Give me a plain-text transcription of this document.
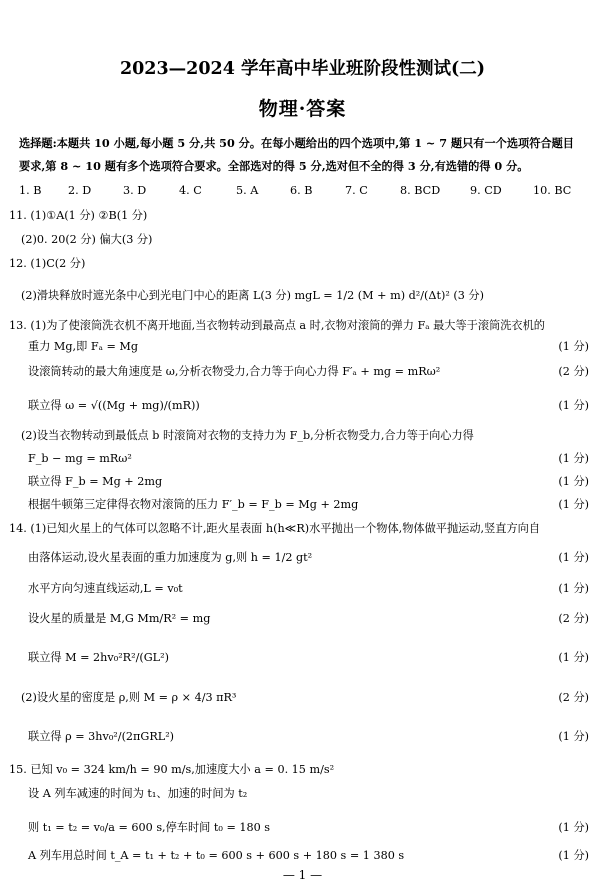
2023—2024 学年高中毕业班阶段性测试(二)
物理·答案
选择题:本题共 10 小题,每小题 5 分,共 50 分。在每小题给出的四个选项中,第 1 ~ 7 题只有一个选项符合题目
要求,第 8 ~ 10 题有多个选项符合要求。全部选对的得 5 分,选对但不全的得 3 分,有选错的得 0 分。
1. B 2. D	3. D	4. C	5. A	6. B	7. C	8. BCD	9. CD	10. BC
11. (1)①A(1 分) ②B(1 分)
(2)0. 20(2 分) 偏大(3 分)
12. (1)C(2 分)
(2)滑块释放时遮光条中心到光电门中心的距离 L(3 分) mgL = 1/2 (M + m) d²/(Δt)² (3 分)
13. (1)为了使滚筒洗衣机不离开地面,当衣物转动到最高点 a 时,衣物对滚筒的弹力 Fₐ 最大等于滚筒洗衣机的
重力 Mg,即 Fₐ = Mg	(1 分)
设滚筒转动的最大角速度是 ω,分析衣物受力,合力等于向心力得 F′ₐ + mg = mRω²	(2 分)
联立得 ω = √((Mg + mg)/(mR))	(1 分)
(2)设当衣物转动到最低点 b 时滚筒对衣物的支持力为 F_b,分析衣物受力,合力等于向心力得
F_b − mg = mRω²	(1 分)
联立得 F_b = Mg + 2mg	(1 分)
根据牛顿第三定律得衣物对滚筒的压力 F′_b = F_b = Mg + 2mg	(1 分)
14. (1)已知火星上的气体可以忽略不计,距火星表面 h(h≪R)水平抛出一个物体,物体做平抛运动,竖直方向自
由落体运动,设火星表面的重力加速度为 g,则 h = 1/2 gt²	(1 分)
水平方向匀速直线运动,L = v₀t	(1 分)
设火星的质量是 M,G Mm/R² = mg	(2 分)
联立得 M = 2hv₀²R²/(GL²)	(1 分)
(2)设火星的密度是 ρ,则 M = ρ × 4/3 πR³	(2 分)
联立得 ρ = 3hv₀²/(2πGRL²)	(1 分)
15. 已知 v₀ = 324 km/h = 90 m/s,加速度大小 a = 0. 15 m/s²
设 A 列车减速的时间为 t₁、加速的时间为 t₂
则 t₁ = t₂ = v₀/a = 600 s,停车时间 t₀ = 180 s	(1 分)
A 列车用总时间 t_A = t₁ + t₂ + t₀ = 600 s + 600 s + 180 s = 1 380 s	(1 分)
— 1 —
